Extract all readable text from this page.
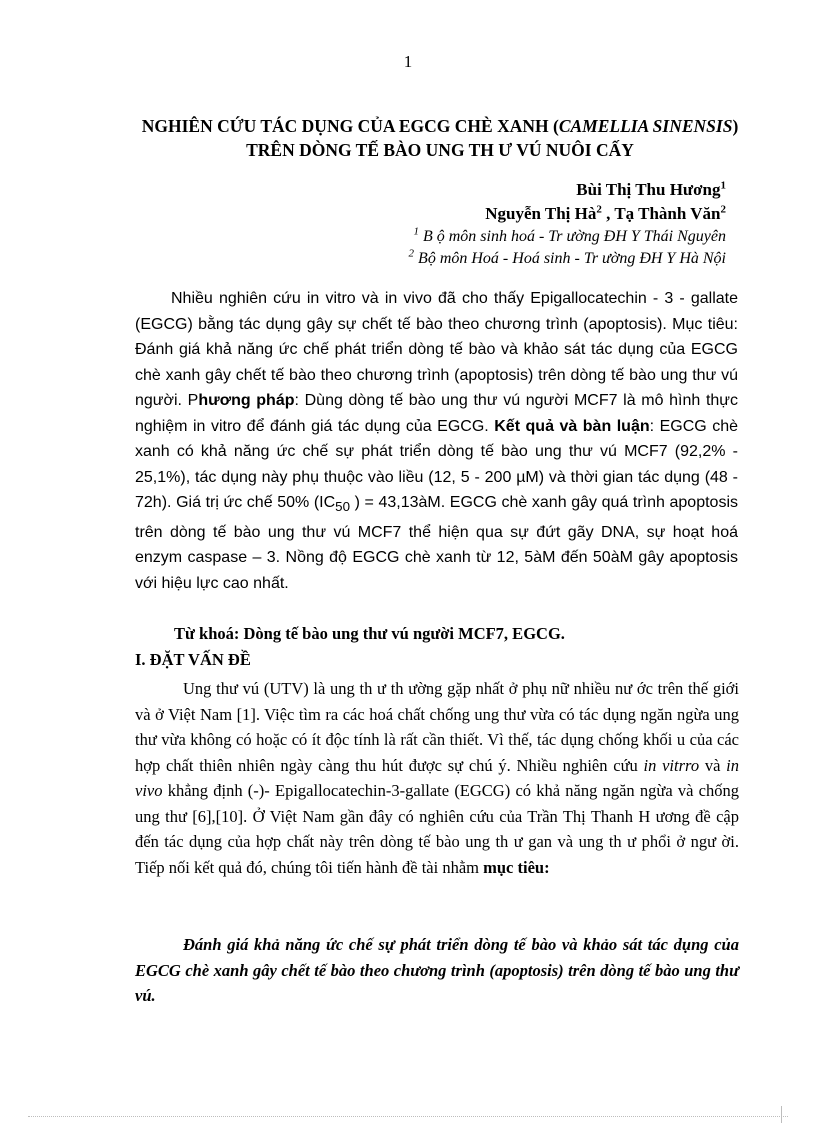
1
NGHIÊN CỨU TÁC DỤNG CỦA EGCG CHÈ XANH (CAMELLIA SINENSIS) TRÊN DÒNG TẾ BÀO UNG TH Ư VÚ NUÔI CẤY
Bùi Thị Thu Hương$^1$
Nguyễn Thị $Hà^2$ , Tạ Thành Văn$^2$
$^1$ B ộ môn sinh hoá - Tr ường ĐH Y Thái Nguyên
$^2$ Bộ môn Hoá - Hoá sinh - Tr ường ĐH Y Hà Nội

Nhiều nghiên cứu in vitro và in vivo đã cho thấy Epigallocatechin - 3 - gallate (EGCG) bằng tác dụng gây sự chết tế bào theo chương trình (apoptosis). Mục tiêu: Đánh giá khả năng ức chế phát triển dòng tế bào và khảo sát tác dụng của EGCG chè xanh gây chết tế bào theo chương trình (apoptosis) trên dòng tế bào ung thư vú người. Phương pháp: Dùng dòng tế bào ung thư vú người MCF7 là mô hình thực nghiệm in vitro để đánh giá tác dụng của EGCG. Kết quả và bàn luận: EGCG chè xanh có khả năng ức chế sự phát triển dòng tế bào ung thư vú MCF7 (92,2% - 25,1%), tác dụng này phụ thuộc vào liều (12, 5 - 200 µM) và thời gian tác dụng (48 - 72h). Giá trị ức chế 50% ($IC_{50}$ ) = 43,13àM. EGCG chè xanh gây quá trình apoptosis trên dòng tế bào ung thư vú MCF7 thể hiện qua sự đứt gãy DNA, sự hoạt hoá enzym caspase – 3. Nồng độ EGCG chè xanh từ 12, 5àM đến 50àM gây apoptosis với hiệu lực cao nhất.

Từ khoá: Dòng tế bào ung thư vú người MCF7, EGCG.
I. ĐẶT VẤN ĐỀ

Ung thư vú (UTV) là ung th ư th ường gặp nhất ở phụ nữ nhiều nư ớc trên thế giới và ở Việt Nam [1]. Việc tìm ra các hoá chất chống ung thư vừa có tác dụng ngăn ngừa ung thư vừa không có hoặc có ít độc tính là rất cần thiết. Vì thế, tác dụng chống khối u của các hợp chất thiên nhiên ngày càng thu hút được sự chú ý. Nhiều nghiên cứu in vitrro và in vivo khẳng định (-)- Epigallocatechin-3-gallate (EGCG) có khả năng ngăn ngừa và chống ung thư [6],[10]. Ở Việt Nam gần đây có nghiên cứu của Trần Thị Thanh H ương đề cập đến tác dụng của hợp chất này trên dòng tế bào ung th ư gan và ung th ư phổi ở ngư ời. Tiếp nối kết quả đó, chúng tôi tiến hành đề tài nhằm mục tiêu:

Đánh giá khả năng ức chế sự phát triển dòng tế bào và khảo sát tác dụng của EGCG chè xanh gây chết tế bào theo chương trình (apoptosis) trên dòng tế bào ung thư vú.
